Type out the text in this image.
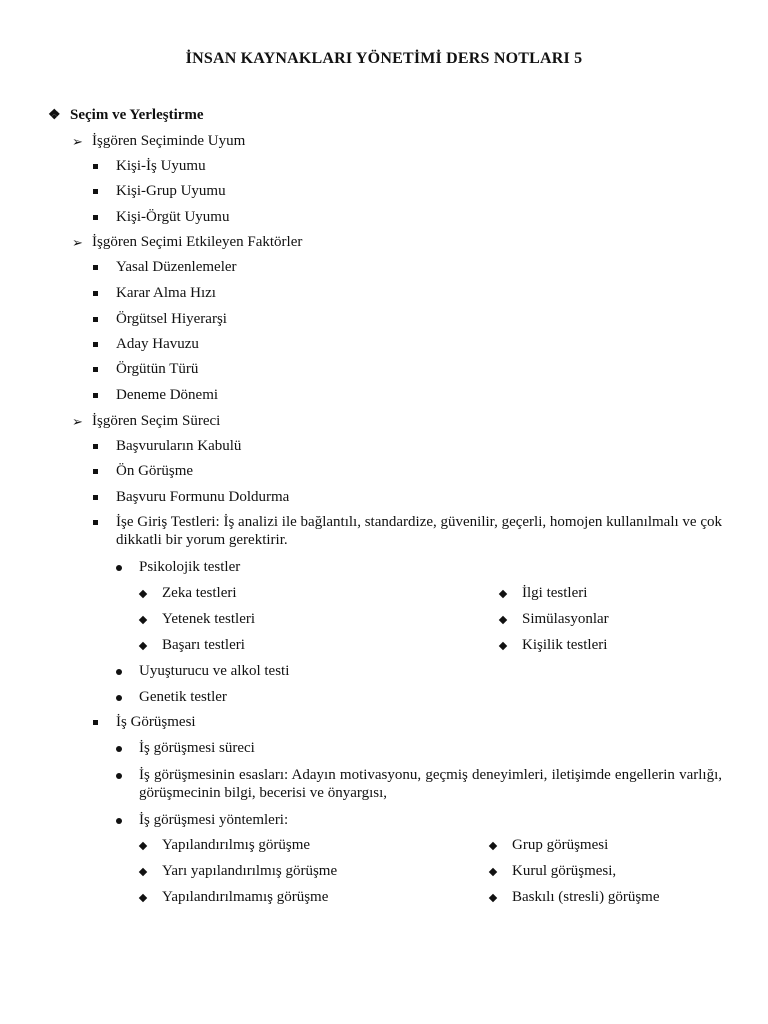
İNSAN KAYNAKLARI YÖNETİMİ DERS NOTLARI 5
❖ Seçim ve Yerleştirme
➢ İşgören Seçiminde Uyum
Kişi-İş Uyumu
Kişi-Grup Uyumu
Kişi-Örgüt Uyumu
➢ İşgören Seçimi Etkileyen Faktörler
Yasal Düzenlemeler
Karar Alma Hızı
Örgütsel Hiyerarşi
Aday Havuzu
Örgütün Türü
Deneme Dönemi
➢ İşgören Seçim Süreci
Başvuruların Kabulü
Ön Görüşme
Başvuru Formunu Doldurma
İşe Giriş Testleri: İş analizi ile bağlantılı, standardize, güvenilir, geçerli, homojen kullanılmalı ve çok dikkatli bir yorum gerektirir.
Psikolojik testler
Zeka testleri
Yetenek testleri
Başarı testleri
İlgi testleri
Simülasyonlar
Kişilik testleri
Uyuşturucu ve alkol testi
Genetik testler
İş Görüşmesi
İş görüşmesi süreci
İş görüşmesinin esasları: Adayın motivasyonu, geçmiş deneyimleri, iletişimde engellerin varlığı, görüşmecinin bilgi, becerisi ve önyargısı,
İş görüşmesi yöntemleri:
Yapılandırılmış görüşme
Yarı yapılandırılmış görüşme
Yapılandırılmamış görüşme
Grup görüşmesi
Kurul görüşmesi,
Baskılı (stresli) görüşme
